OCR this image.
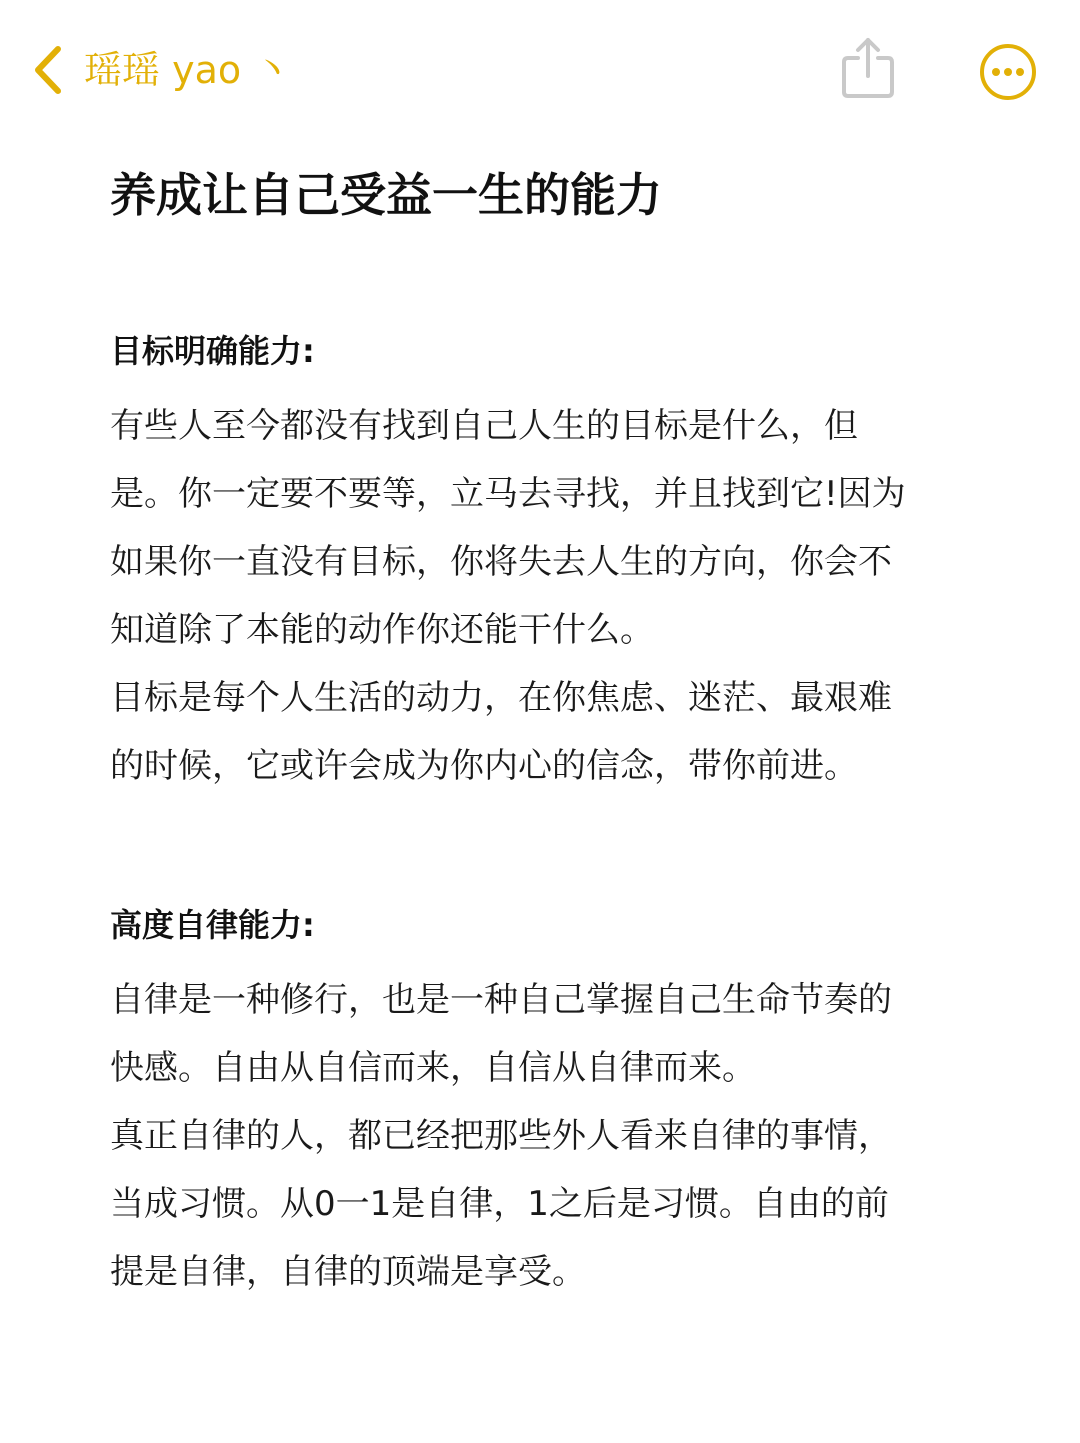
瑶瑶 yao 丶
养成让自己受益一生的能力

目标明确能力:

有些人至今都没有找到自己人生的目标是什么，但

是。你一定要不要等，立马去寻找，并且找到它!因为

如果你一直没有目标，你将失去人生的方向，你会不

知道除了本能的动作你还能干什么。

目标是每个人生活的动力，在你焦虑、迷茫、最艰难

的时候，它或许会成为你内心的信念，带你前进。

高度自律能力:

自律是一种修行，也是一种自己掌握自己生命节奏的

快感。自由从自信而来，自信从自律而来。

真正自律的人，都已经把那些外人看来自律的事情，

当成习惯。从0一1是自律，1之后是习惯。自由的前

提是自律，自律的顶端是享受。
